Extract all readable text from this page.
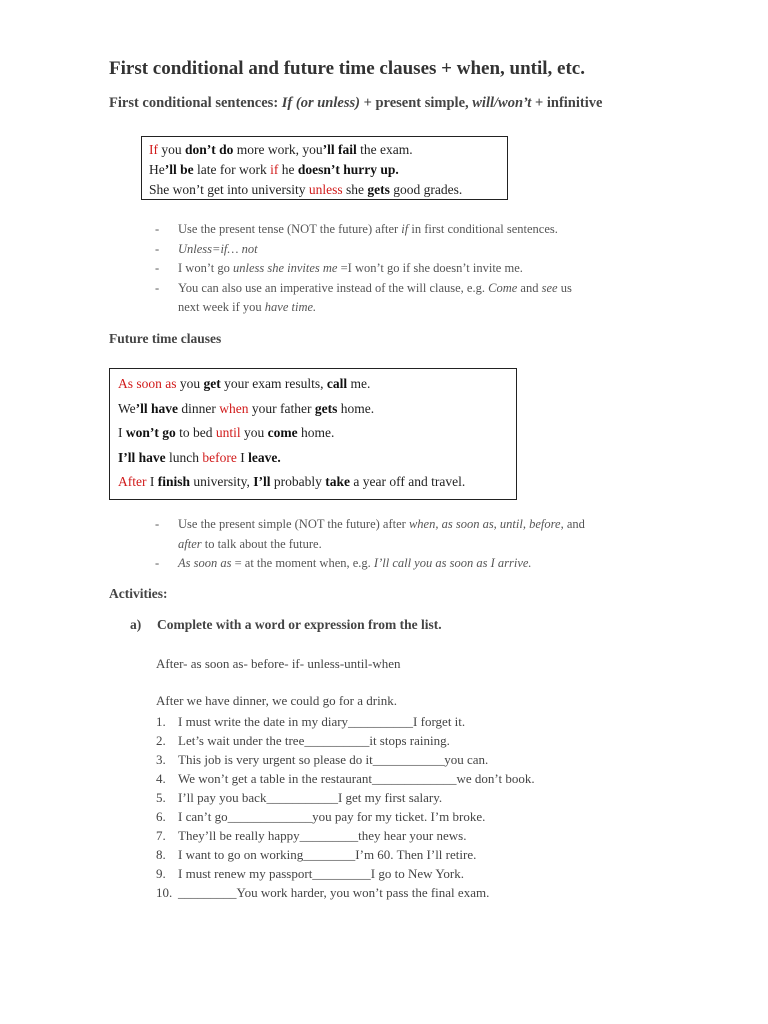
First conditional and future time clauses + when, until, etc.
First conditional sentences: If (or unless) + present simple, will/won’t + infinitive
If you don’t do more work, you’ll fail the exam.
He’ll be late for work if he doesn’t hurry up.
She won’t get into university unless she gets good grades.
- Use the present tense (NOT the future) after if in first conditional sentences.
- Unless=if… not
- I won’t go unless she invites me =I won’t go if she doesn’t invite me.
- You can also use an imperative instead of the will clause, e.g. Come and see us
next week if you have time.
Future time clauses
As soon as you get your exam results, call me.
We’ll have dinner when your father gets home.
I won’t go to bed until you come home.
I’ll have lunch before I leave.
After I finish university, I’ll probably take a year off and travel.
- Use the present simple (NOT the future) after when, as soon as, until, before, and
after to talk about the future.
- As soon as = at the moment when, e.g. I’ll call you as soon as I arrive.
Activities:
a) Complete with a word or expression from the list.
After- as soon as- before- if- unless-until-when
After we have dinner, we could go for a drink.
1. I must write the date in my diary__________I forget it.
2. Let’s wait under the tree__________it stops raining.
3. This job is very urgent so please do it___________you can.
4. We won’t get a table in the restaurant_____________we don’t book.
5. I’ll pay you back___________I get my first salary.
6. I can’t go_____________you pay for my ticket. I’m broke.
7. They’ll be really happy_________they hear your news.
8. I want to go on working________I’m 60. Then I’ll retire.
9. I must renew my passport_________I go to New York.
10. _________You work harder, you won’t pass the final exam.
